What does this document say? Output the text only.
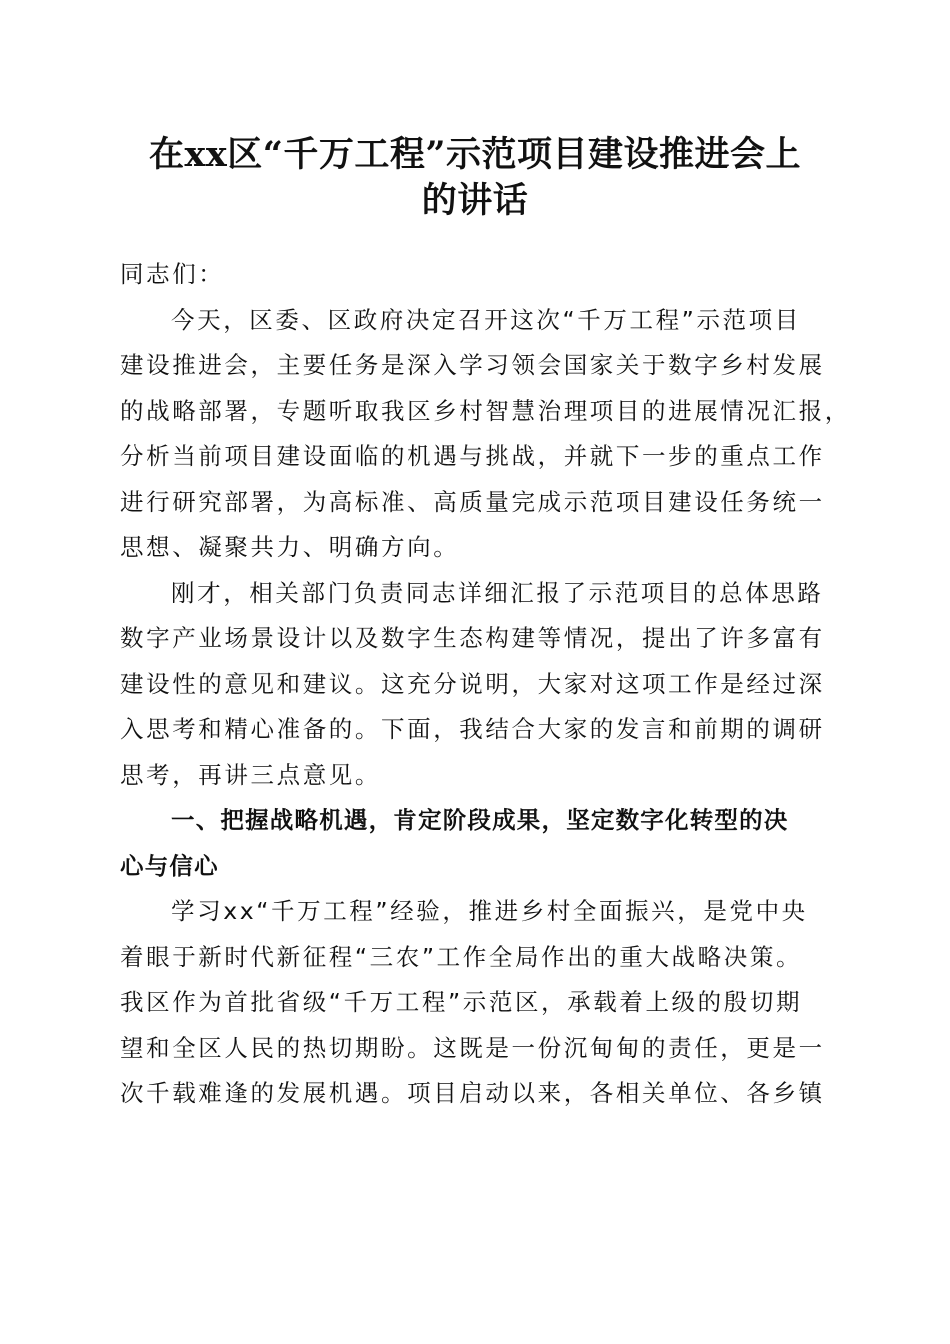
在xx区“千万工程”示范项目建设推进会上
的讲话
同志们：
今天，区委、区政府决定召开这次“千万工程”示范项目
建设推进会，主要任务是深入学习领会国家关于数字乡村发展
的战略部署，专题听取我区乡村智慧治理项目的进展情况汇报，
分析当前项目建设面临的机遇与挑战，并就下一步的重点工作
进行研究部署，为高标准、高质量完成示范项目建设任务统一
思想、凝聚共力、明确方向。
刚才，相关部门负责同志详细汇报了示范项目的总体思路
数字产业场景设计以及数字生态构建等情况，提出了许多富有
建设性的意见和建议。这充分说明，大家对这项工作是经过深
入思考和精心准备的。下面，我结合大家的发言和前期的调研
思考，再讲三点意见。
一、把握战略机遇，肯定阶段成果，坚定数字化转型的决
心与信心
学习xx“千万工程”经验，推进乡村全面振兴，是党中央
着眼于新时代新征程“三农”工作全局作出的重大战略决策。
我区作为首批省级“千万工程”示范区，承载着上级的殷切期
望和全区人民的热切期盼。这既是一份沉甸甸的责任，更是一
次千载难逢的发展机遇。项目启动以来，各相关单位、各乡镇
